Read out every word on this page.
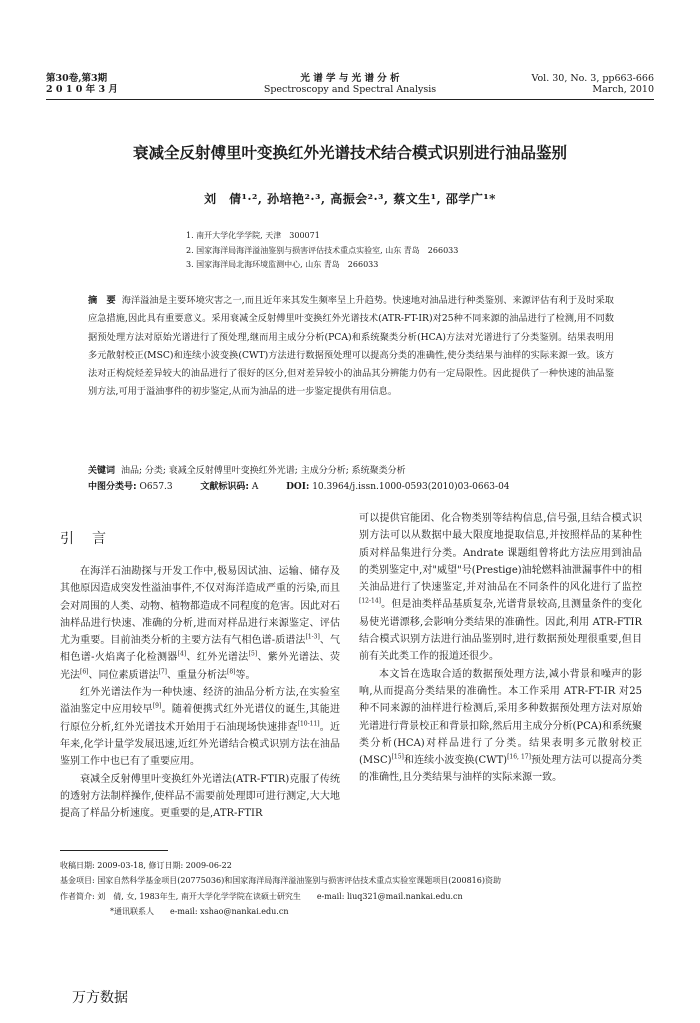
第30卷,第3期
2 0 1 0 年 3 月
光 谱 学 与 光 谱 分 析
Spectroscopy and Spectral Analysis
Vol. 30, No. 3, pp663-666
March, 2010
衰减全反射傅里叶变换红外光谱技术结合模式识别进行油品鉴别
刘　倩¹·², 孙培艳²·³, 高振会²·³, 蔡文生¹, 邵学广¹*
1. 南开大学化学学院, 天津　300071
2. 国家海洋局海洋溢油鉴别与损害评估技术重点实验室, 山东 青岛　266033
3. 国家海洋局北海环境监测中心, 山东 青岛　266033
摘　要 海洋溢油是主要环境灾害之一,而且近年来其发生频率呈上升趋势。快速地对油品进行种类鉴别、来源评估有利于及时采取应急措施,因此具有重要意义。采用衰减全反射傅里叶变换红外光谱技术(ATR-FT-IR)对25种不同来源的油品进行了检测,用不同数据预处理方法对原始光谱进行了预处理,继而用主成分分析(PCA)和系统聚类分析(HCA)方法对光谱进行了分类鉴别。结果表明用多元散射校正(MSC)和连续小波变换(CWT)方法进行数据预处理可以提高分类的准确性,使分类结果与油样的实际来源一致。该方法对正构烷烃差异较大的油品进行了很好的区分,但对差异较小的油品其分辨能力仍有一定局限性。因此提供了一种快速的油品鉴别方法,可用于溢油事件的初步鉴定,从而为油品的进一步鉴定提供有用信息。
关键词 油品; 分类; 衰减全反射傅里叶变换红外光谱; 主成分分析; 系统聚类分析
中图分类号: O657.3	文献标识码: A	DOI: 10.3964/j.issn.1000-0593(2010)03-0663-04
引　言

在海洋石油勘探与开发工作中,极易因试油、运输、储存及其他原因造成突发性溢油事件,不仅对海洋造成严重的污染,而且会对周围的人类、动物、植物都造成不同程度的危害。因此对石油样品进行快速、准确的分析,进而对样品进行来源鉴定、评估尤为重要。目前油类分析的主要方法有气相色谱-质谱法[1-3]、气相色谱-火焰离子化检测器[4]、红外光谱法[5]、紫外光谱法、荧光法[6]、同位素质谱法[7]、重量分析法[8]等。

红外光谱法作为一种快速、经济的油品分析方法,在实验室溢油鉴定中应用较早[9]。随着便携式红外光谱仪的诞生,其能进行原位分析,红外光谱技术开始用于石油现场快速排查[10-11]。近年来,化学计量学发展迅速,近红外光谱结合模式识别方法在油品鉴别工作中也已有了重要应用。

衰减全反射傅里叶变换红外光谱法(ATR-FTIR)克服了传统的透射方法制样操作,使样品不需要前处理即可进行测定,大大地提高了样品分析速度。更重要的是,ATR-FTIR

可以提供官能团、化合物类别等结构信息,信号强,且结合模式识别方法可以从数据中最大限度地提取信息,并按照样品的某种性质对样品集进行分类。Andrate 课题组曾将此方法应用到油品的类别鉴定中,对"威望"号(Prestige)油轮燃料油泄漏事件中的相关油品进行了快速鉴定,并对油品在不同条件的风化进行了监控[12-14]。但是油类样品基质复杂,光谱背景较高,且测量条件的变化易使光谱漂移,会影响分类结果的准确性。因此,利用 ATR-FTIR 结合模式识别方法进行油品鉴别时,进行数据预处理很重要,但目前有关此类工作的报道还很少。

本文旨在选取合适的数据预处理方法,减小背景和噪声的影响,从而提高分类结果的准确性。本工作采用 ATR-FT-IR 对25种不同来源的油样进行检测后,采用多种数据预处理方法对原始光谱进行背景校正和背景扣除,然后用主成分分析(PCA)和系统聚类分析(HCA)对样品进行了分类。结果表明多元散射校正(MSC)[15]和连续小波变换(CWT)[16, 17]预处理方法可以提高分类的准确性,且分类结果与油样的实际来源一致。

收稿日期: 2009-03-18, 修订日期: 2009-06-22
基金项目: 国家自然科学基金项目(20775036)和国家海洋局海洋溢油鉴别与损害评估技术重点实验室课题项目(200816)资助
作者简介: 刘　倩, 女, 1983年生, 南开大学化学学院在读硕士研究生　　e-mail: liuq321@mail.nankai.edu.cn
*通讯联系人　　e-mail: xshao@nankai.edu.cn
万方数据
